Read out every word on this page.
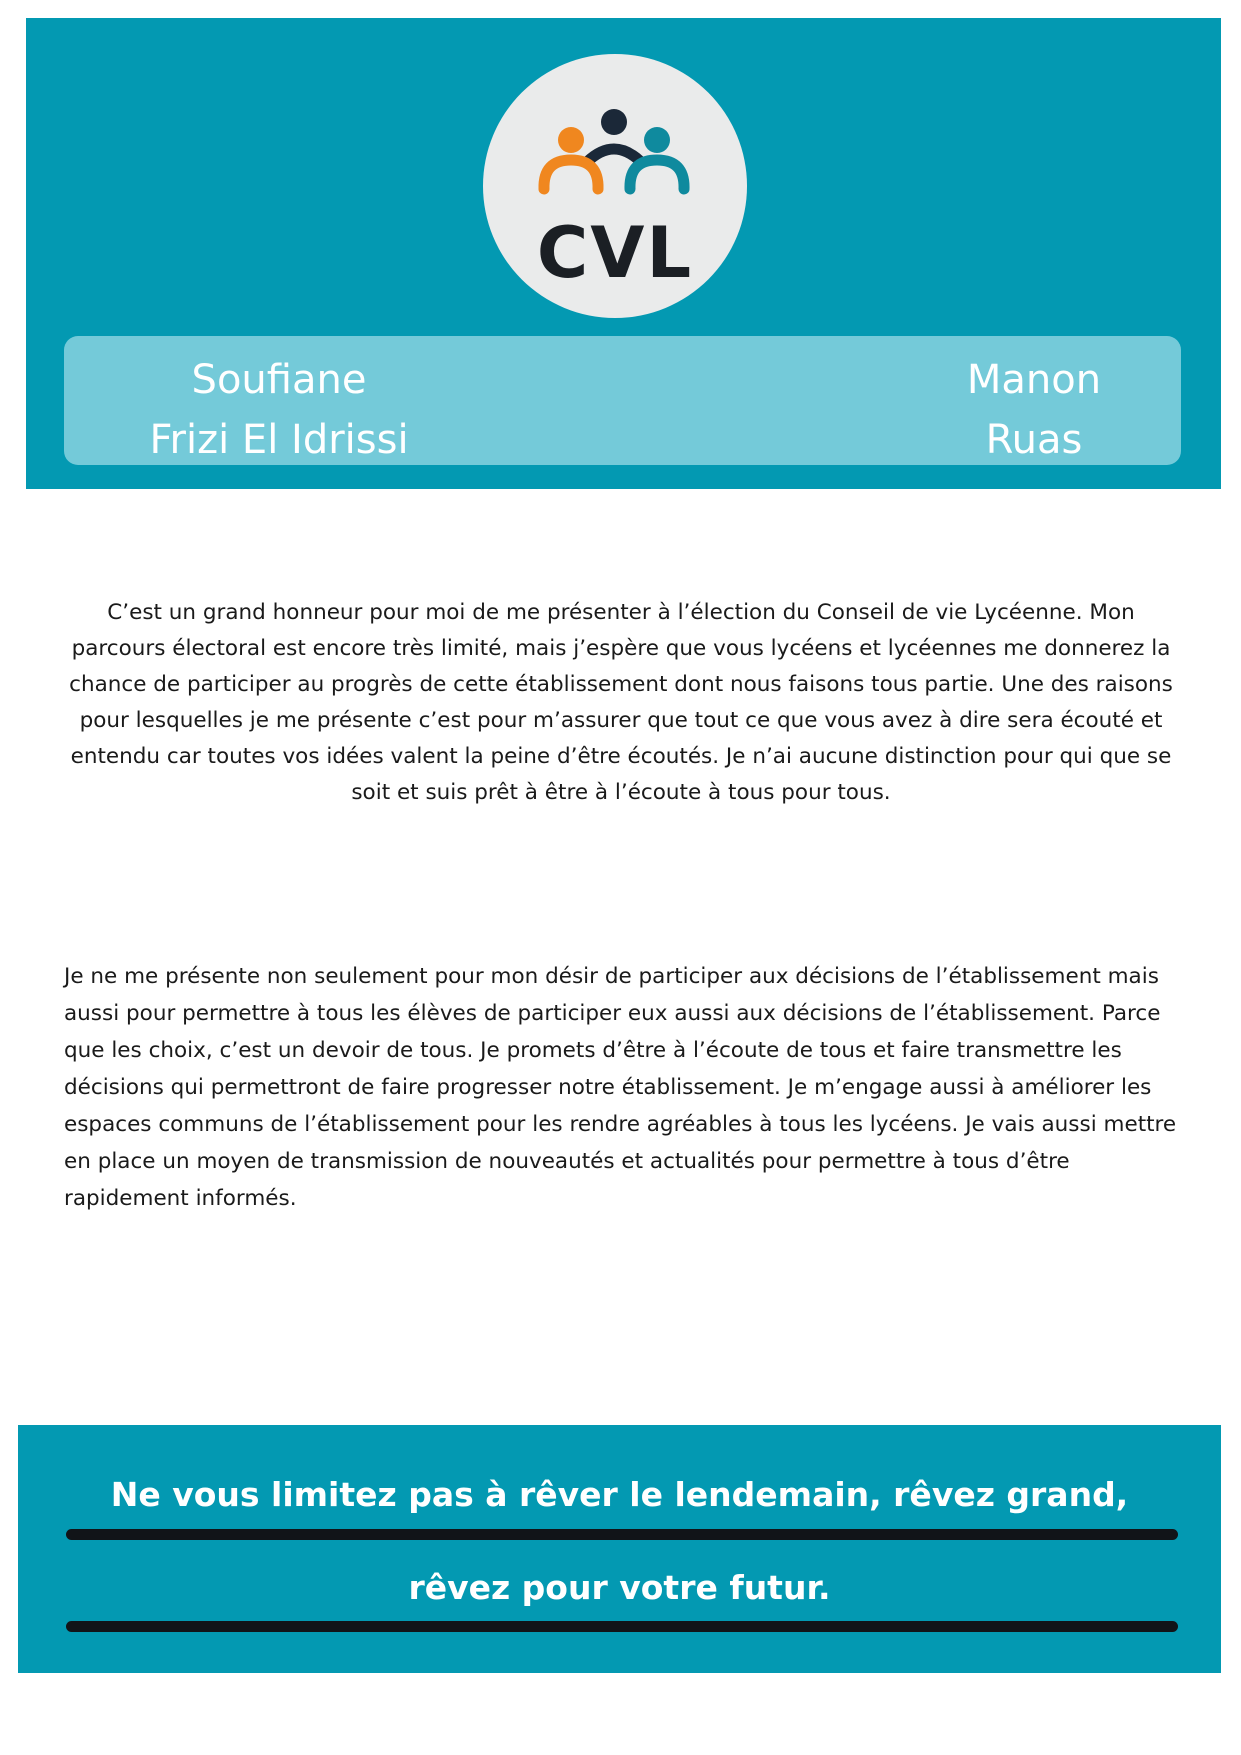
CVL
Soufiane
Frizi El Idrissi
Manon
Ruas

C’est un grand honneur pour moi de me présenter à l’élection du Conseil de vie Lycéenne. Mon parcours électoral est encore très limité, mais j’espère que vous lycéens et lycéennes me donnerez la chance de participer au progrès de cette établissement dont nous faisons tous partie. Une des raisons pour lesquelles je me présente c’est pour m’assurer que tout ce que vous avez à dire sera écouté et entendu car toutes vos idées valent la peine d’être écoutés. Je n’ai aucune distinction pour qui que se soit et suis prêt à être à l’écoute à tous pour tous.

Je ne me présente non seulement pour mon désir de participer aux décisions de l’établissement mais aussi pour permettre à tous les élèves de participer eux aussi aux décisions de l’établissement. Parce que les choix, c’est un devoir de tous. Je promets d’être à l’écoute de tous et faire transmettre les décisions qui permettront de faire progresser notre établissement. Je m’engage aussi à améliorer les espaces communs de l’établissement pour les rendre agréables à tous les lycéens. Je vais aussi mettre en place un moyen de transmission de nouveautés et actualités pour permettre à tous d’être rapidement informés.

Ne vous limitez pas à rêver le lendemain, rêvez grand,
rêvez pour votre futur.
